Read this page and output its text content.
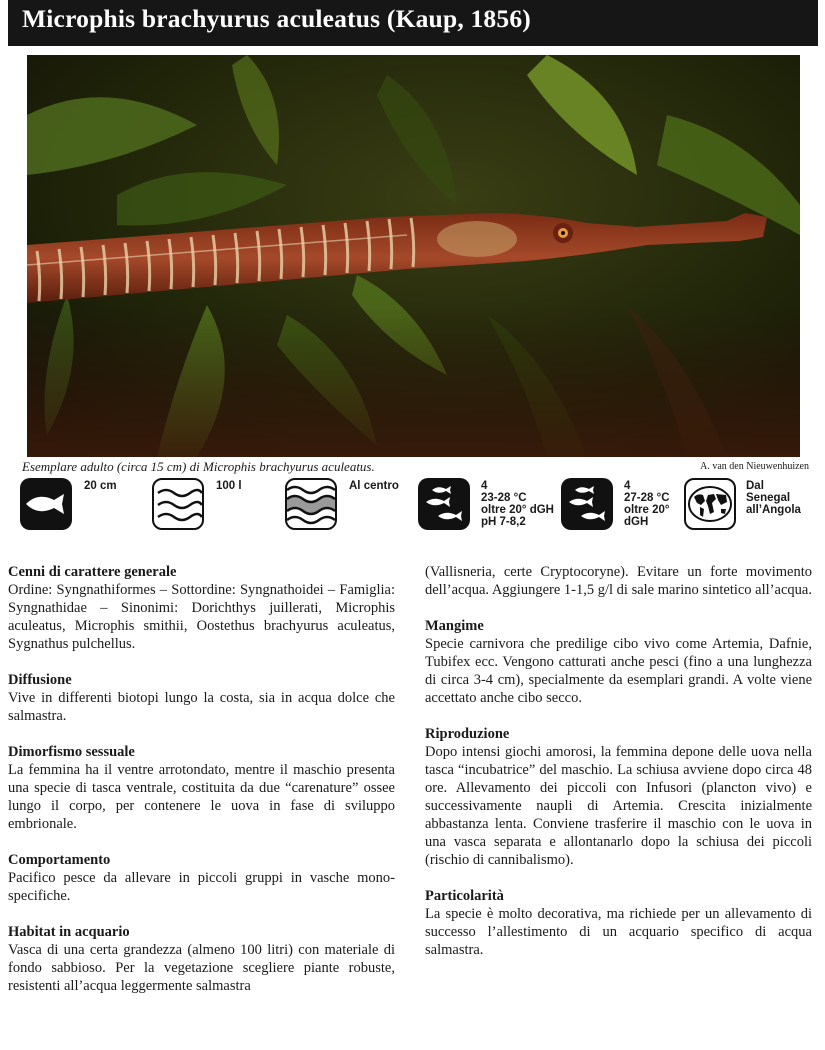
Microphis brachyurus aculeatus (Kaup, 1856)
Esemplare adulto (circa 15 cm) di Microphis brachyurus aculeatus.	A. van den Nieuwenhuizen
20 cm	100 l	Al centro	4
23-28 °C
oltre 20° dGH
pH 7-8,2
4
27-28 °C
oltre 20°
dGH
Dal
Senegal
all’Angola
Cenni di carattere generale

Ordine: Syngnathiformes – Sottordine: Syngnathoidei – Famiglia: Syngnathidae – Sinonimi: Dorichthys juillerati, Microphis aculeatus, Microphis smithii, Oostethus brachyurus aculeatus, Sygnathus pulchellus.

Diffusione

Vive in differenti biotopi lungo la costa, sia in acqua dolce che salmastra.

Dimorfismo sessuale

La femmina ha il ventre arrotondato, mentre il maschio presenta una specie di tasca ventrale, costituita da due “carenature” ossee lungo il corpo, per contenere le uova in fase di sviluppo embrionale.

Comportamento

Pacifico pesce da allevare in piccoli gruppi in vasche mono-specifiche.

Habitat in acquario

Vasca di una certa grandezza (almeno 100 litri) con materiale di fondo sabbioso. Per la vegetazione scegliere piante robuste, resistenti all’acqua leggermente salmastra

(Vallisneria, certe Cryptocoryne). Evitare un forte movimento dell’acqua. Aggiungere 1-1,5 g/l di sale marino sintetico all’acqua.

Mangime

Specie carnivora che predilige cibo vivo come Artemia, Dafnie, Tubifex ecc. Vengono catturati anche pesci (fino a una lunghezza di circa 3-4 cm), specialmente da esemplari grandi. A volte viene accettato anche cibo secco.

Riproduzione

Dopo intensi giochi amorosi, la femmina depone delle uova nella tasca “incubatrice” del maschio. La schiusa avviene dopo circa 48 ore. Allevamento dei piccoli con Infusori (plancton vivo) e successivamente naupli di Artemia. Crescita inizialmente abbastanza lenta. Conviene trasferire il maschio con le uova in una vasca separata e allontanarlo dopo la schiusa dei piccoli (rischio di cannibalismo).

Particolarità

La specie è molto decorativa, ma richiede per un allevamento di successo l’allestimento di un acquario specifico di acqua salmastra.
